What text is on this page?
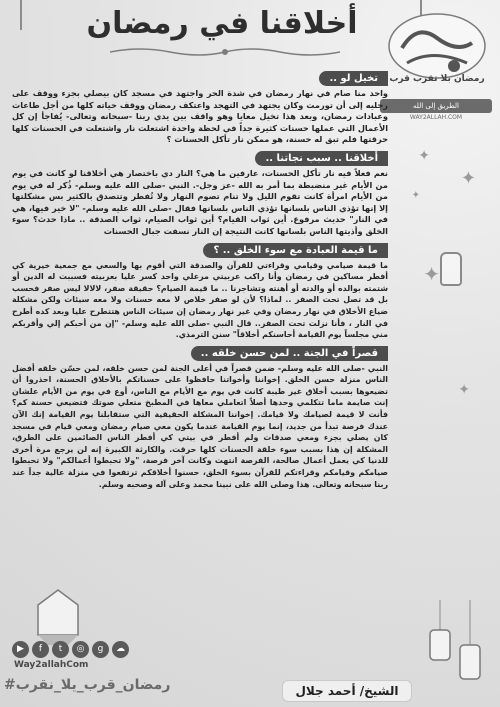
أخلاقنا في رمضان
رمضان بلا تقرب قرب
الطريق إلى الله
WAY2ALLAH.COM
✦
✦
✦
✦
✦
تخيل لو ..

واحد منا صام في نهار رمضان في شدة الحر واجتهد في مسجد كان بيصلي بجزء ووقف على رجليه إلى أن تورمت وكان يجتهد في التهجد واعتكف رمضان ووقف حياته كلها من أجل طاعات وعبادات رمضان، وبعد هذا تخيل معايا وهو واقف بين يدي ربنا -سبحانه وتعالى- يُفاجأ إن كل الأعمال التي عملها حسنات كثيرة جداً في لحظة واحدة اشتعلت نار واشتعلت في الحسنات كلها حرقتها فلم تبق له حسنة، هو ممكن نار تأكل الحسنات ؟

أخلاقنا .. سبب نجاتنا ..

نعم فعلاً فيه نار تأكل الحسنات، عارفين ما هي؟ النار دي باختصار هي أخلاقنا لو كانت في يوم من الأيام غير منضبطة بما أمر به الله -عز وجل-. النبي -صلى الله عليه وسلم- ذُكر له في يوم من الأيام امرأة كانت تقوم الليل ولا تنام تصوم النهار ولا تُفطر وتتصدق بالكثير بس مشكلتها إلا إنها تؤذي الناس بلسانها تؤذي الناس بلسانها فقال -صلى الله عليه وسلم- "لا خير فيها، هي في النار" حديث مرفوع. أين ثواب القيام؟ أين ثواب الصيام، ثواب الصدقة .. ماذا حدث؟ سوء الخلق وأذيتها الناس بلسانها كانت النتيجة إن النار نسفت جبال الحسنات

ما قيمة العبادة مع سوء الخلق .. ؟

ما قيمة صيامي وقيامي وقراءتي للقرآن والصدقة التي أقوم بها والسعي مع جمعية خيرية كي أفطر مساكين في رمضان وأنا راكب عربيتي مرعلي واحد كسر عليا بعربيته فسببت له الدين أو شتمته بوالده أو والدته أو أهنته وتشاجرنا .. ما قيمة الصيام؟ حقيقة صفر، لالالا ليس صفر فحسب بل قد تصل تحت الصفر .. لماذا؟ لأن لو صفر خلاص لا معه حسنات ولا معه سيئات ولكن مشكلة ضياع الأخلاق في نهار رمضان وفي غير نهار رمضان إن سيئات الناس هتتطرح عليا وبعد كده أطرح في النار ، فأنا نزلت تحت الصفر.. قال النبي -صلى الله عليه وسلم- "إن من أحبكم إلي وأقربكم مني مجلساً يوم القيامة أحاسنكم أخلاقاً" سنن الترمذي.

قصراً في الجنة .. لمن حسن خلقه ..

النبي -صلى الله عليه وسلم- ضمن قصراً في أعلى الجنة لمن حسن خلقه، لمن حسّن خلقه أفضل الناس منزلة حسن الخلق. إخواننا وأخواتنا حافظوا على حسناتكم بالأخلاق الحسنة، احذروا أن تضيعوها بسبب أخلاق غير طيبة كانت في يوم مع الأيام مع الناس، أوع في يوم من الأيام علشان إنت صايمة ماما تتكلمي وحدها أصلاً اتعاملي معاها في المطبخ متعلي صوتك فتضيعي حسنة كم؟ فأنت لا قيمة لصيامك ولا قيامك. إخواننا المشكلة الحقيقية التي ستقابلنا يوم القيامة إنك الآن عندك فرصة تبدأ من جديد، إنما يوم القيامة عندما يكون معي صيام رمضان ومعي قيام في مسجد كان يصلي بجزء ومعي صدقات ولم أفطر في بيتي كي أفطر الناس الصائمين على الطرق، المشكلة إن هذا بسبب سوء خلقة الحسنات كلها حرقت. والكارثة الكبيرة إنه لن يرجع مرة أخرى للدنيا كي يعمل أعمال صالحة، الفرصة انتهت وكانت آخر فرصة، "ولا تحبطوا أعمالكم" ولا تحبطوا صيامكم وقيامكم وقراءتكم للقرآن بسوء الخلق، حسنوا أخلاقكم ترتفعوا في منزلة عالية جداً عند ربنا سبحانه وتعالى. هذا وصلى الله على نبينا محمد وعلى آله وصحبه وسلم.

▶	f	t	◎	g	☁
Way2allahCom
#رمضان_قرب_يلا_نقرب	الشيخ/ أحمد جلال
